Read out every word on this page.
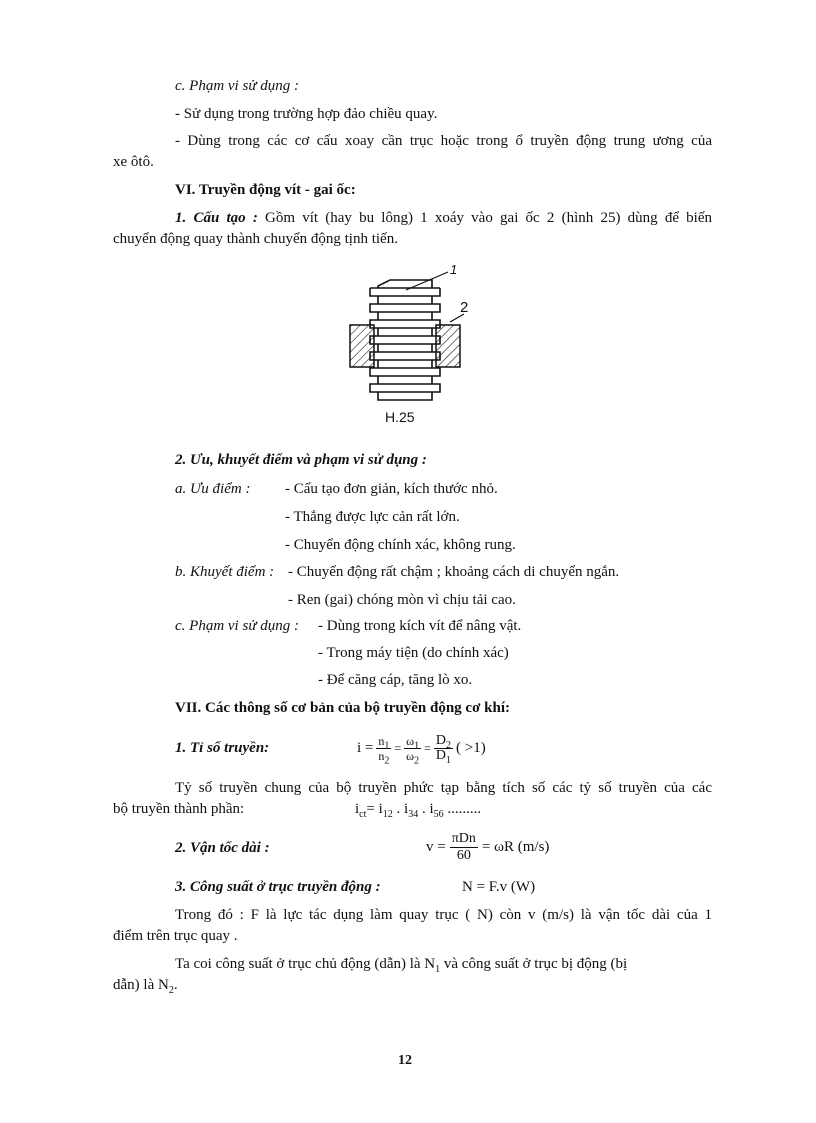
c. Phạm vi sử dụng :
- Sử dụng trong trường hợp đảo chiều quay.
- Dùng trong các cơ cấu xoay cần trục hoặc trong ổ truyền động trung ương của
xe ôtô.
VI. Truyền động vít - gai ốc:
1. Cấu tạo : Gồm vít (hay bu lông) 1 xoáy vào gai ốc 2 (hình 25) dùng để biến
chuyển động quay thành chuyển động tịnh tiến.
1
2
H.25
2. Ưu, khuyết điểm và phạm vi sử dụng :
a. Ưu điểm : - Cấu tạo đơn giản, kích thước nhỏ.
- Thắng được lực cản rất lớn.
- Chuyển động chính xác, không rung.
b. Khuyết điểm : - Chuyển động rất chậm ; khoảng cách di chuyển ngắn.
- Ren (gai) chóng mòn vì chịu tải cao.
c. Phạm vi sử dụng : - Dùng trong kích vít để nâng vật.
- Trong máy tiện (do chính xác)
- Để căng cáp, tăng lò xo.
VII. Các thông số cơ bản của bộ truyền động cơ khí:
1. Tỉ số truyền:	$i = \frac{n_1}{n_2} = \frac{\omega_1}{\omega_2} = \frac{D_2}{D_1}$ ( >1)
Tỷ số truyền chung của bộ truyền phức tạp bằng tích số các tỷ số truyền của các
bộ truyền thành phần:	$i_{ct}= i_{12}$ . $i_{34}$ . $i_{56}$ .........
2. Vận tốc dài :	$v = \frac{\text{πDn}}{60} = \omega R$ (m/s)
3. Công suất ở trục truyền động :	N = F.v (W)
Trong đó : F là lực tác dụng làm quay trục ( N) còn v (m/s) là vận tốc dài của 1
điểm trên trục quay .
Ta coi công suất ở trục chủ động (dẫn) là $N_1$ và công suất ở trục bị động (bị
dẫn) là $N_2$.
12
